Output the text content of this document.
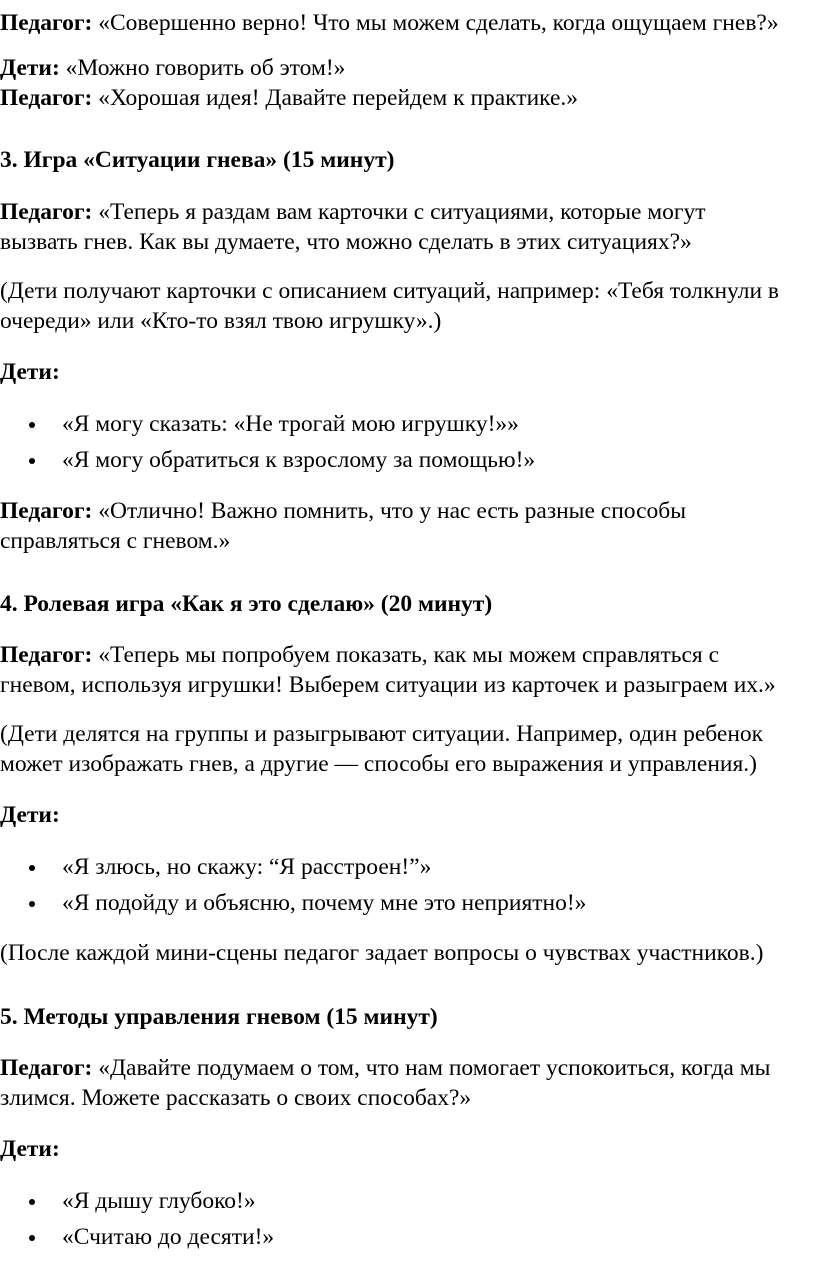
Педагог: «Совершенно верно! Что мы можем сделать, когда ощущаем гнев?»

Дети: «Можно говорить об этом!»

Педагог: «Хорошая идея! Давайте перейдем к практике.»

3. Игра «Ситуации гнева» (15 минут)

Педагог: «Теперь я раздам вам карточки с ситуациями, которые могут

вызвать гнев. Как вы думаете, что можно сделать в этих ситуациях?»

(Дети получают карточки с описанием ситуаций, например: «Тебя толкнули в

очереди» или «Кто-то взял твою игрушку».)

Дети:

«Я могу сказать: «Не трогай мою игрушку!»»
«Я могу обратиться к взрослому за помощью!»

Педагог: «Отлично! Важно помнить, что у нас есть разные способы

справляться с гневом.»

4. Ролевая игра «Как я это сделаю» (20 минут)

Педагог: «Теперь мы попробуем показать, как мы можем справляться с

гневом, используя игрушки! Выберем ситуации из карточек и разыграем их.»

(Дети делятся на группы и разыгрывают ситуации. Например, один ребенок

может изображать гнев, а другие — способы его выражения и управления.)

Дети:

«Я злюсь, но скажу: “Я расстроен!”»
«Я подойду и объясню, почему мне это неприятно!»

(После каждой мини-сцены педагог задает вопросы о чувствах участников.)

5. Методы управления гневом (15 минут)

Педагог: «Давайте подумаем о том, что нам помогает успокоиться, когда мы

злимся. Можете рассказать о своих способах?»

Дети:

«Я дышу глубоко!»
«Считаю до десяти!»
